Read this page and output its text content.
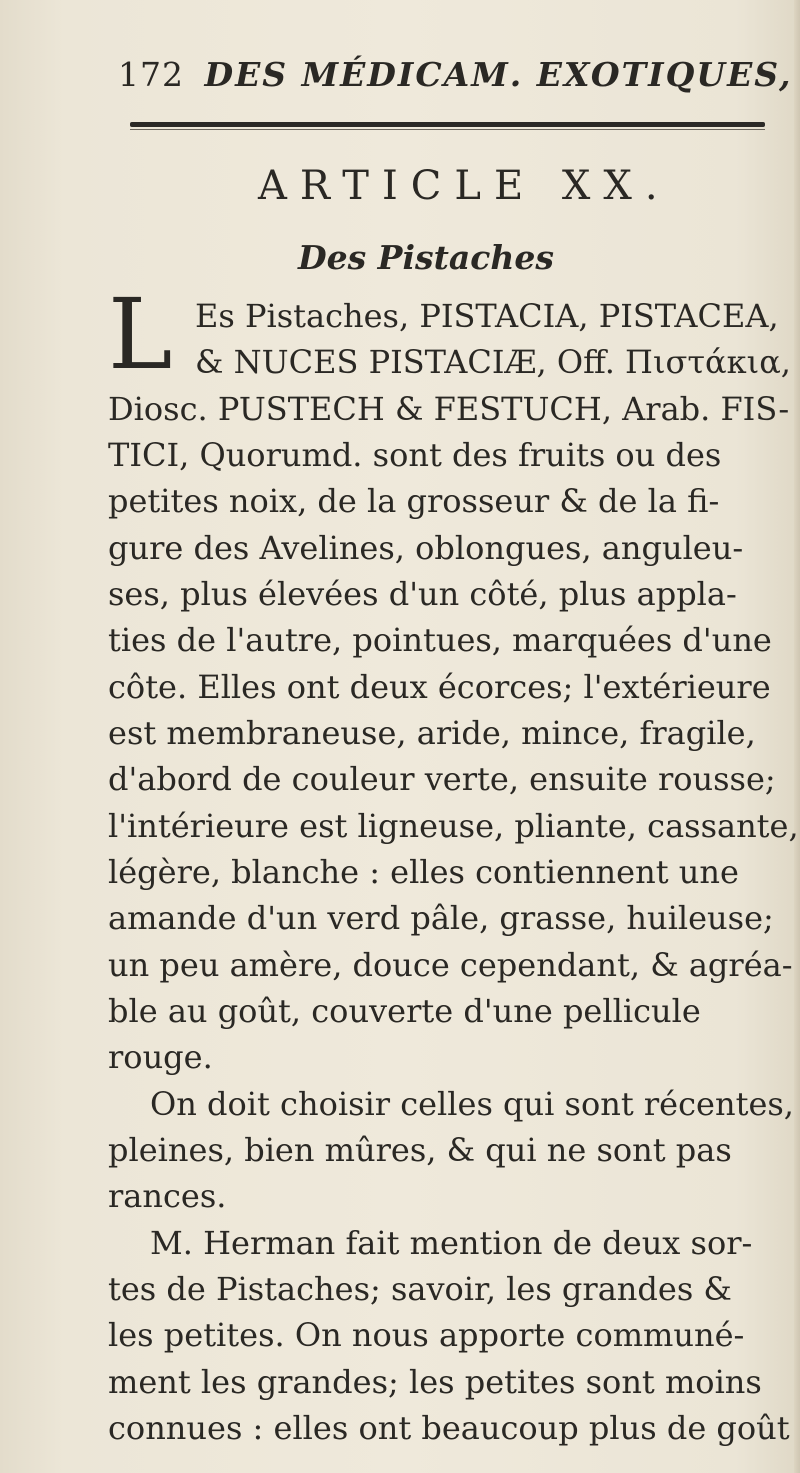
172 DES MÉDICAM. EXOTIQUES,
ARTICLE XX.
Des Pistaches
L Es Pistaches, PISTACIA, PISTACEA,
& NUCES PISTACIÆ, Off. Πιστάκια,
Diosc. PUSTECH & FESTUCH, Arab. FIS-
TICI, Quorumd. sont des fruits ou des
petites noix, de la grosseur & de la fi-
gure des Avelines, oblongues, anguleu-
ses, plus élevées d'un côté, plus appla-
ties de l'autre, pointues, marquées d'une
côte. Elles ont deux écorces; l'extérieure
est membraneuse, aride, mince, fragile,
d'abord de couleur verte, ensuite rousse;
l'intérieure est ligneuse, pliante, cassante,
légère, blanche : elles contiennent une
amande d'un verd pâle, grasse, huileuse;
un peu amère, douce cependant, & agréa-
ble au goût, couverte d'une pellicule
rouge.
On doit choisir celles qui sont récentes,
pleines, bien mûres, & qui ne sont pas
rances.
M. Herman fait mention de deux sor-
tes de Pistaches; savoir, les grandes &
les petites. On nous apporte communé-
ment les grandes; les petites sont moins
connues : elles ont beaucoup plus de goût
